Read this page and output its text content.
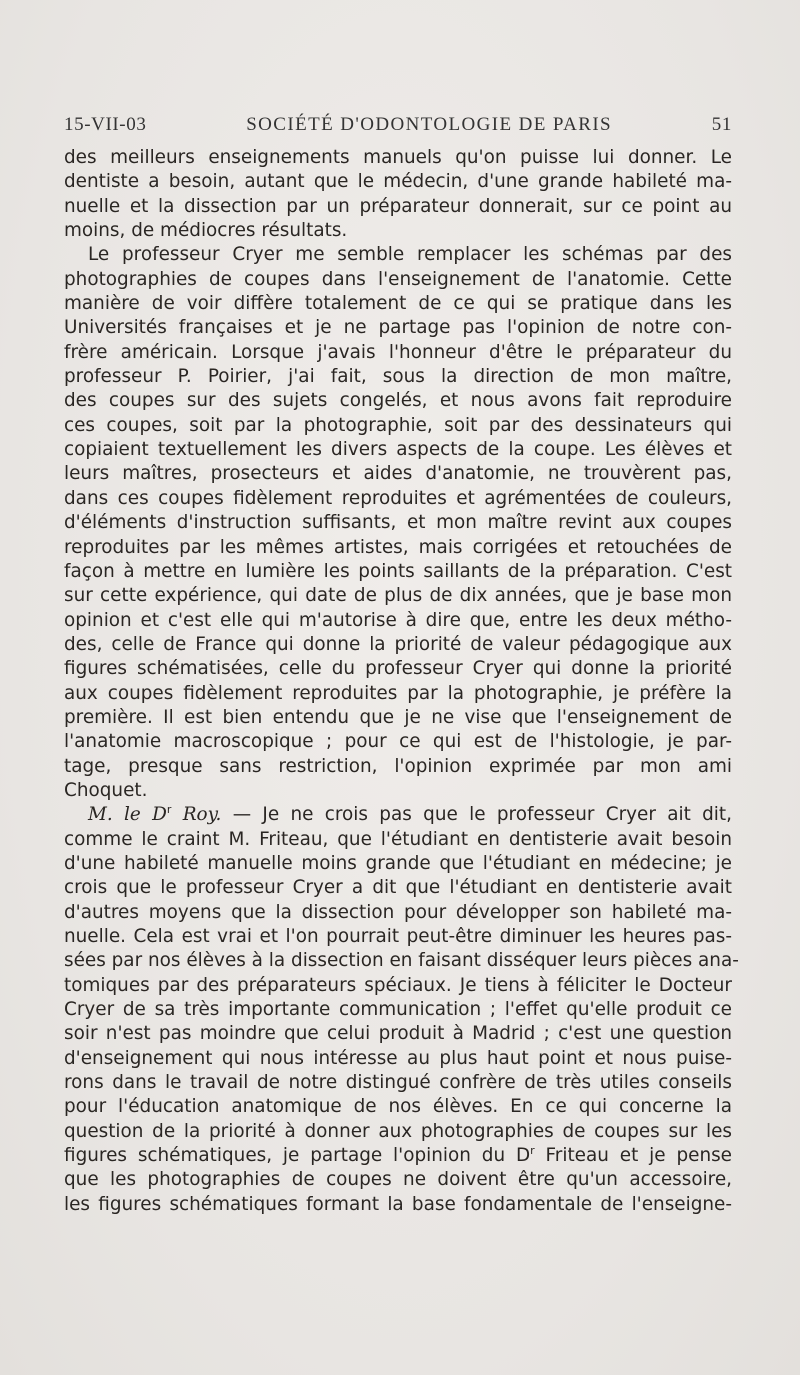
15-VII-03	SOCIÉTÉ D'ODONTOLOGIE DE PARIS	51
des meilleurs enseignements manuels qu'on puisse lui donner. Le
dentiste a besoin, autant que le médecin, d'une grande habileté ma-
nuelle et la dissection par un préparateur donnerait, sur ce point au
moins, de médiocres résultats.
Le professeur Cryer me semble remplacer les schémas par des
photographies de coupes dans l'enseignement de l'anatomie. Cette
manière de voir diffère totalement de ce qui se pratique dans les
Universités françaises et je ne partage pas l'opinion de notre con-
frère américain. Lorsque j'avais l'honneur d'être le préparateur du
professeur P. Poirier, j'ai fait, sous la direction de mon maître,
des coupes sur des sujets congelés, et nous avons fait reproduire
ces coupes, soit par la photographie, soit par des dessinateurs qui
copiaient textuellement les divers aspects de la coupe. Les élèves et
leurs maîtres, prosecteurs et aides d'anatomie, ne trouvèrent pas,
dans ces coupes fidèlement reproduites et agrémentées de couleurs,
d'éléments d'instruction suffisants, et mon maître revint aux coupes
reproduites par les mêmes artistes, mais corrigées et retouchées de
façon à mettre en lumière les points saillants de la préparation. C'est
sur cette expérience, qui date de plus de dix années, que je base mon
opinion et c'est elle qui m'autorise à dire que, entre les deux métho-
des, celle de France qui donne la priorité de valeur pédagogique aux
figures schématisées, celle du professeur Cryer qui donne la priorité
aux coupes fidèlement reproduites par la photographie, je préfère la
première. Il est bien entendu que je ne vise que l'enseignement de
l'anatomie macroscopique ; pour ce qui est de l'histologie, je par-
tage, presque sans restriction, l'opinion exprimée par mon ami
Choquet.
M. le $D^r$ Roy. — Je ne crois pas que le professeur Cryer ait dit,
comme le craint M. Friteau, que l'étudiant en dentisterie avait besoin
d'une habileté manuelle moins grande que l'étudiant en médecine; je
crois que le professeur Cryer a dit que l'étudiant en dentisterie avait
d'autres moyens que la dissection pour développer son habileté ma-
nuelle. Cela est vrai et l'on pourrait peut-être diminuer les heures pas-
sées par nos élèves à la dissection en faisant disséquer leurs pièces ana-
tomiques par des préparateurs spéciaux. Je tiens à féliciter le Docteur
Cryer de sa très importante communication ; l'effet qu'elle produit ce
soir n'est pas moindre que celui produit à Madrid ; c'est une question
d'enseignement qui nous intéresse au plus haut point et nous puise-
rons dans le travail de notre distingué confrère de très utiles conseils
pour l'éducation anatomique de nos élèves. En ce qui concerne la
question de la priorité à donner aux photographies de coupes sur les
figures schématiques, je partage l'opinion du $D^r$ Friteau et je pense
que les photographies de coupes ne doivent être qu'un accessoire,
les figures schématiques formant la base fondamentale de l'enseigne-
